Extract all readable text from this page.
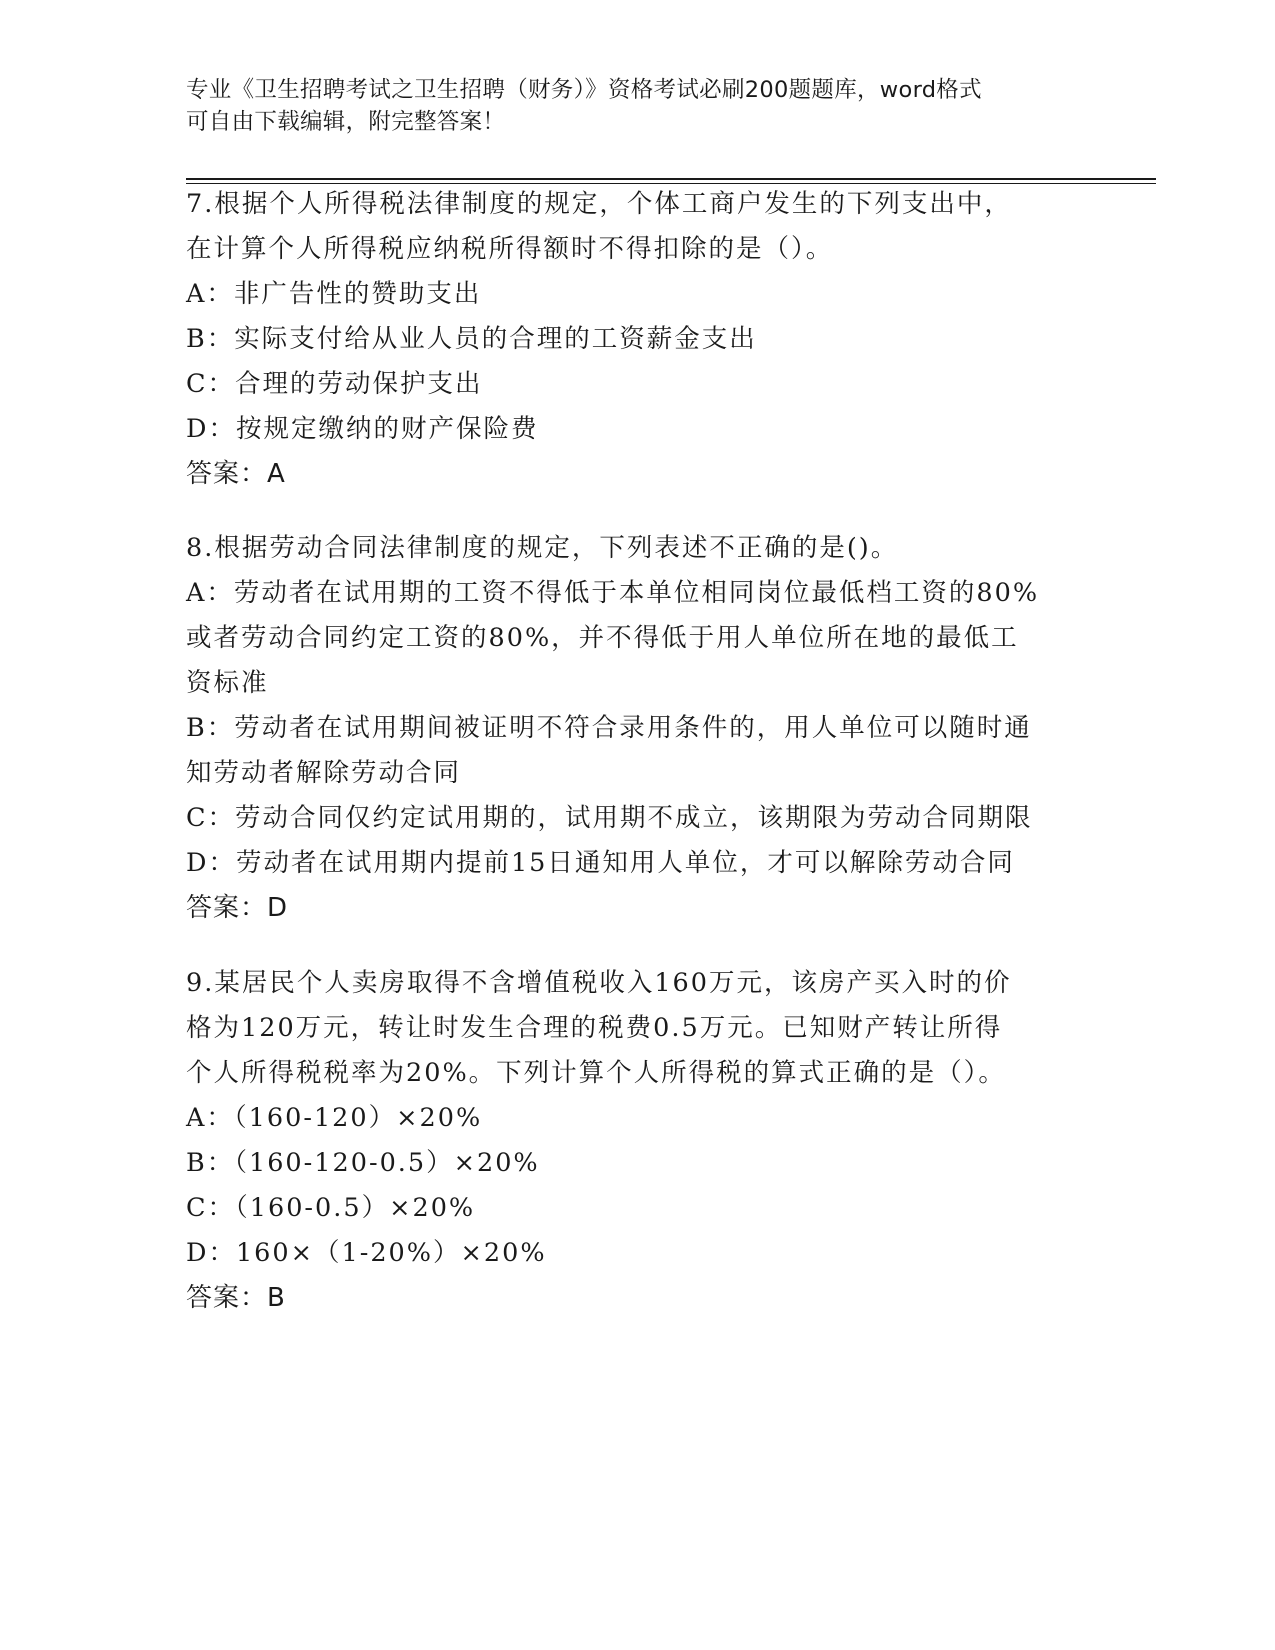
专业《卫生招聘考试之卫生招聘（财务）》资格考试必刷200题题库，word格式
可自由下载编辑，附完整答案！
7.根据个人所得税法律制度的规定，个体工商户发生的下列支出中，
在计算个人所得税应纳税所得额时不得扣除的是（）。
A：非广告性的赞助支出
B：实际支付给从业人员的合理的工资薪金支出
C：合理的劳动保护支出
D：按规定缴纳的财产保险费
答案：A
8.根据劳动合同法律制度的规定，下列表述不正确的是()。
A：劳动者在试用期的工资不得低于本单位相同岗位最低档工资的80%
或者劳动合同约定工资的80%，并不得低于用人单位所在地的最低工
资标准
B：劳动者在试用期间被证明不符合录用条件的，用人单位可以随时通
知劳动者解除劳动合同
C：劳动合同仅约定试用期的，试用期不成立，该期限为劳动合同期限
D：劳动者在试用期内提前15日通知用人单位，才可以解除劳动合同
答案：D
9.某居民个人卖房取得不含增值税收入160万元，该房产买入时的价
格为120万元，转让时发生合理的税费0.5万元。已知财产转让所得
个人所得税税率为20%。下列计算个人所得税的算式正确的是（）。
A：（160-120）×20%
B：（160-120-0.5）×20%
C：（160-0.5）×20%
D：160×（1-20%）×20%
答案：B
